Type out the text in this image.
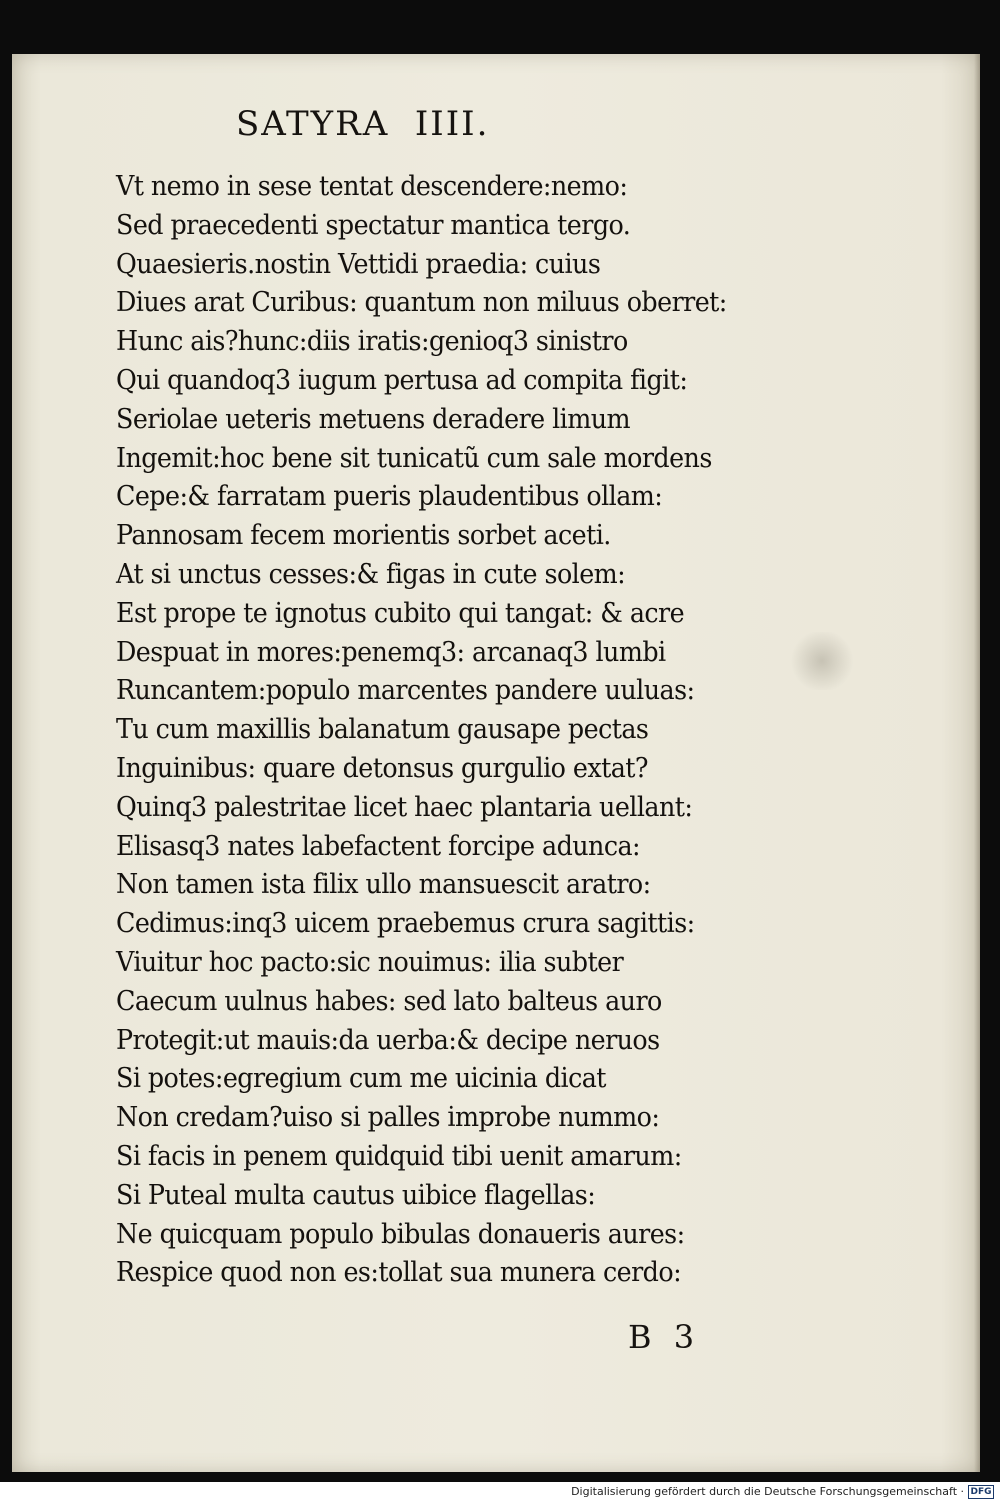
SATYRA  IIII.
Vt nemo in sese tentat descendere:nemo:
Sed praecedenti spectatur mantica tergo.
Quaesieris.nostin Vettidi praedia: cuius
Diues arat Curibus: quantum non miluus oberret:
Hunc ais?hunc:diis iratis:genioq3 sinistro
Qui quandoq3 iugum pertusa ad compita figit:
Seriolae ueteris metuens deradere limum
Ingemit:hoc bene sit tunicatũ cum sale mordens
Cepe:& farratam pueris plaudentibus ollam:
Pannosam fecem morientis sorbet aceti.
At si unctus cesses:& figas in cute solem:
Est prope te ignotus cubito qui tangat: & acre
Despuat in mores:penemq3: arcanaq3 lumbi
Runcantem:populo marcentes pandere uuluas:
Tu cum maxillis balanatum gausape pectas
Inguinibus: quare detonsus gurgulio extat?
Quinq3 palestritae licet haec plantaria uellant:
Elisasq3 nates labefactent forcipe adunca:
Non tamen ista filix ullo mansuescit aratro:
Cedimus:inq3 uicem praebemus crura sagittis:
Viuitur hoc pacto:sic nouimus: ilia subter
Caecum uulnus habes: sed lato balteus auro
Protegit:ut mauis:da uerba:& decipe neruos
Si potes:egregium cum me uicinia dicat
Non credam?uiso si palles improbe nummo:
Si facis in penem quidquid tibi uenit amarum:
Si Puteal multa cautus uibice flagellas:
Ne quicquam populo bibulas donaueris aures:
Respice quod non es:tollat sua munera cerdo:
B 3
Digitalisierung gefördert durch die Deutsche Forschungsgemeinschaft · DFG
